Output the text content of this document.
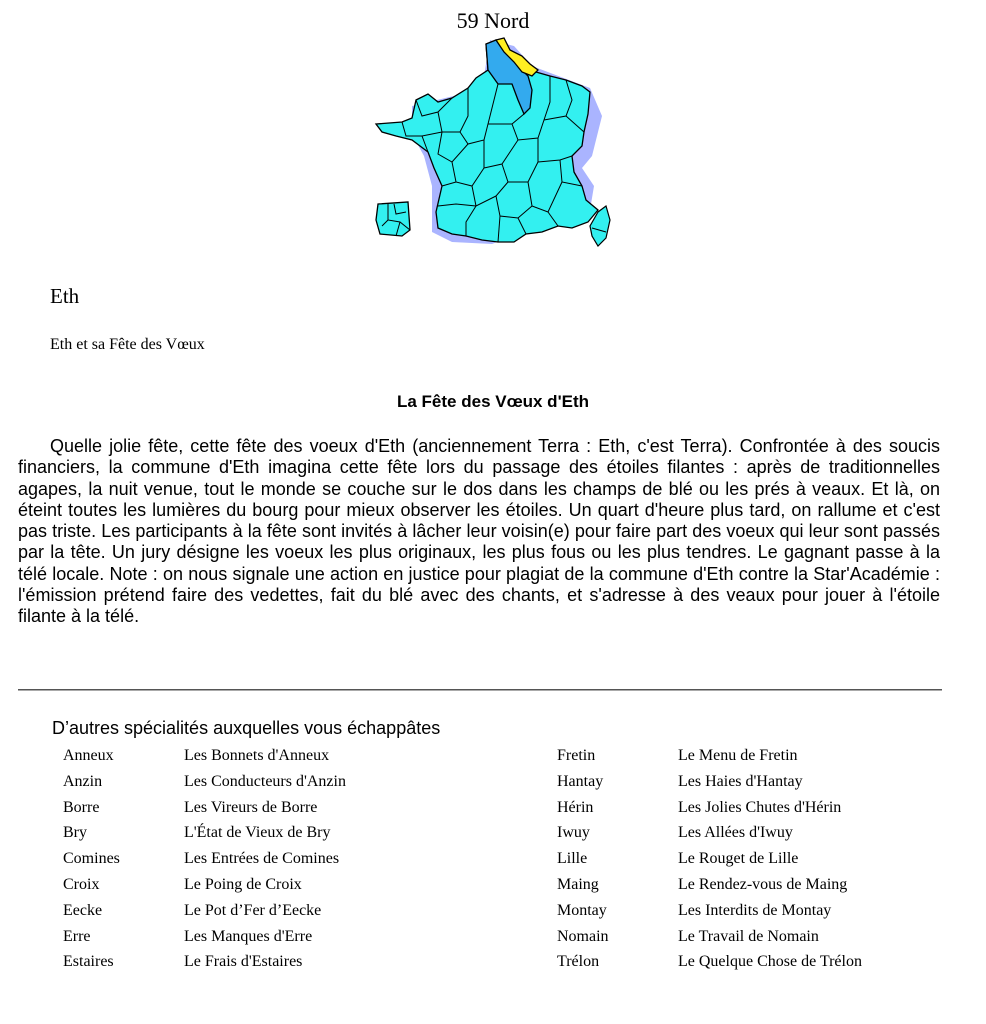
59 Nord
Eth
Eth et sa Fête des Vœux
La Fête des Vœux d'Eth

Quelle jolie fête, cette fête des voeux d'Eth (anciennement Terra : Eth, c'est Terra). Confrontée à des soucis financiers, la commune d'Eth imagina cette fête lors du passage des étoiles filantes : après de traditionnelles agapes, la nuit venue, tout le monde se couche sur le dos dans les champs de blé ou les prés à veaux. Et là, on éteint toutes les lumières du bourg pour mieux observer les étoiles. Un quart d'heure plus tard, on rallume et c'est pas triste. Les participants à la fête sont invités à lâcher leur voisin(e) pour faire part des voeux qui leur sont passés par la tête. Un jury désigne les voeux les plus originaux, les plus fous ou les plus tendres. Le gagnant passe à la télé locale. Note : on nous signale une action en justice pour plagiat de la commune d'Eth contre la Star'Académie : l'émission prétend faire des vedettes, fait du blé avec des chants, et s'adresse à des veaux pour jouer à l'étoile filante à la télé.

D’autres spécialités auxquelles vous échappâtes
Anneux
Anzin
Borre
Bry
Comines
Croix
Eecke
Erre
Estaires
Les Bonnets d'Anneux
Les Conducteurs d'Anzin
Les Vireurs de Borre
L'État de Vieux de Bry
Les Entrées de Comines
Le Poing de Croix
Le Pot d’Fer d’Eecke
Les Manques d'Erre
Le Frais d'Estaires
Fretin
Hantay
Hérin
Iwuy
Lille
Maing
Montay
Nomain
Trélon
Le Menu de Fretin
Les Haies d'Hantay
Les Jolies Chutes d'Hérin
Les Allées d'Iwuy
Le Rouget de Lille
Le Rendez-vous de Maing
Les Interdits de Montay
Le Travail de Nomain
Le Quelque Chose de Trélon
